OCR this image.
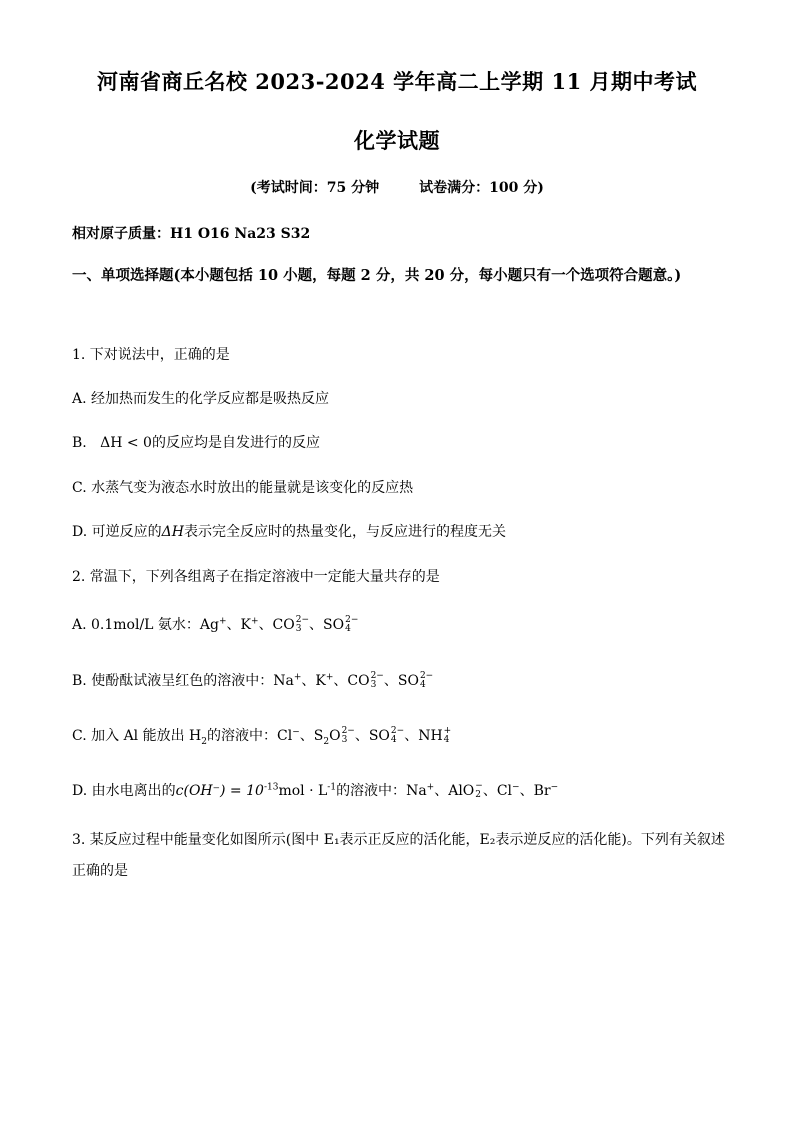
河南省商丘名校 2023-2024 学年高二上学期 11 月期中考试
化学试题
(考试时间：75 分钟	试卷满分：100 分)
相对原子质量：H1 O16 Na23 S32
一、单项选择题(本小题包括 10 小题，每题 2 分，共 20 分，每小题只有一个选项符合题意。)
1. 下对说法中，正确的是
A. 经加热而发生的化学反应都是吸热反应
B.   ΔH < 0的反应均是自发进行的反应
C. 水蒸气变为液态水时放出的能量就是该变化的反应热
D. 可逆反应的ΔH表示完全反应时的热量变化，与反应进行的程度无关
2. 常温下，下列各组离子在指定溶液中一定能大量共存的是
A. 0.1mol/L 氨水：Ag+、K+、CO 2−
3 、SO 2−
4
B. 使酚酞试液呈红色的溶液中：Na+、K+、CO 2−
3 、SO 2−
4
C. 加入 Al 能放出 $H_2$的溶液中：Cl−、$S_2O$ 2−
3 、SO 2−
4 、NH +
4
D. 由水电离出的$c(OH^-) = 10^{-13}mol \cdot L^{-1}$的溶液中：Na+、AlO −
2 、Cl−、Br−
3. 某反应过程中能量变化如图所示(图中 E₁表示正反应的活化能，E₂表示逆反应的活化能)。下列有关叙述
正确的是
